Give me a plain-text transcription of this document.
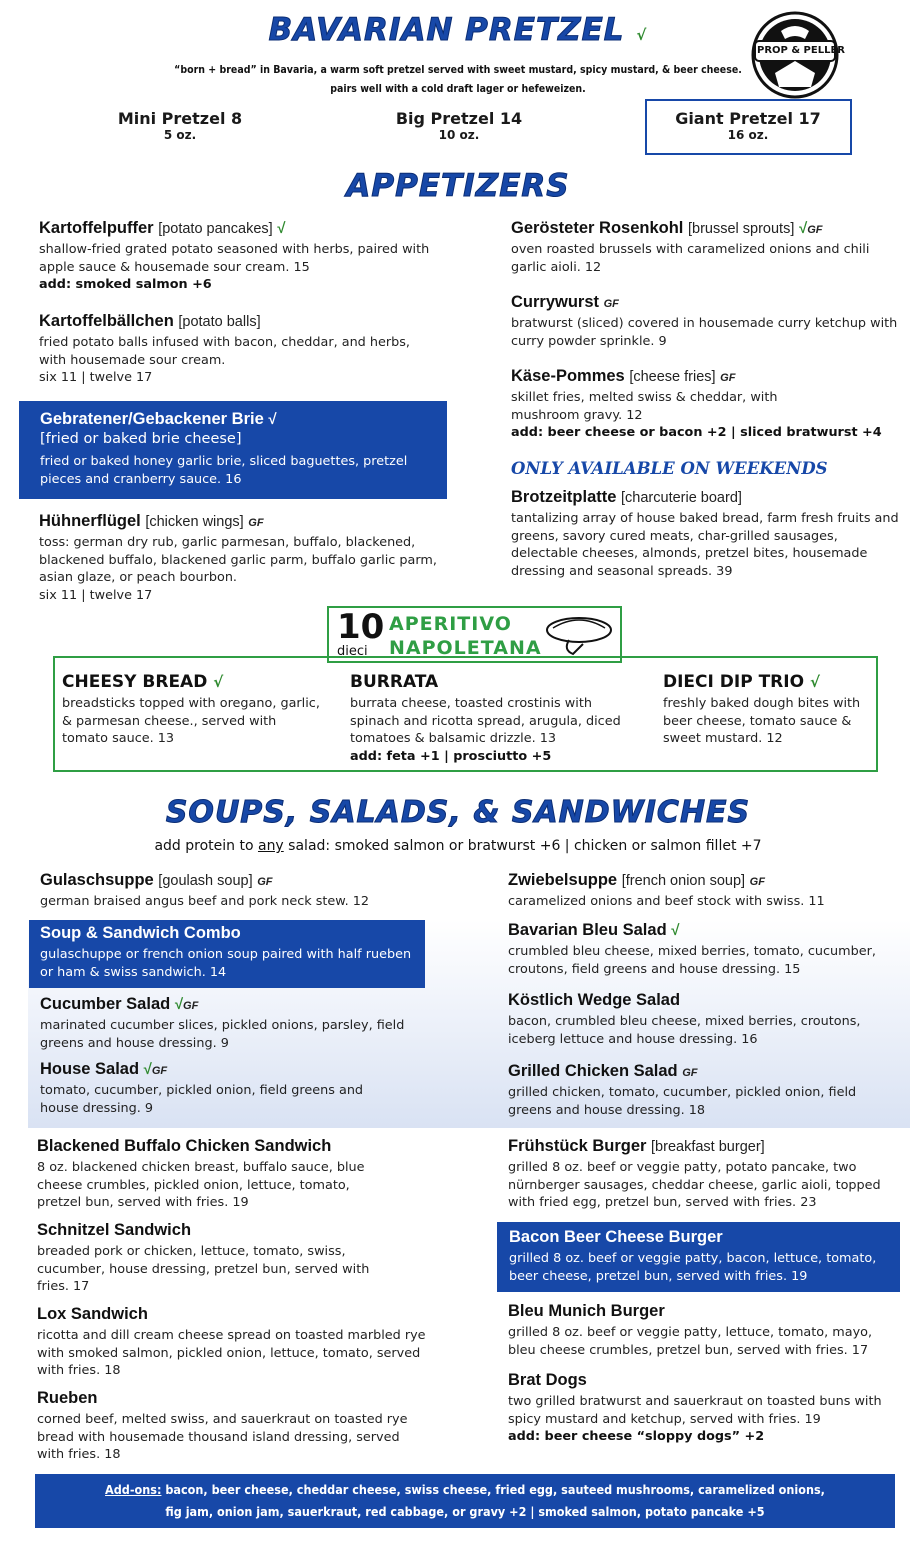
BAVARIAN PRETZEL √
PROP & PELLER
“born + bread” in Bavaria, a warm soft pretzel served with sweet mustard, spicy mustard, & beer cheese.
pairs well with a cold draft lager or hefeweizen.
Mini Pretzel 8
5 oz.
Big Pretzel 14
10 oz.
Giant Pretzel 17
16 oz.
APPETIZERS
Kartoffelpuffer [potato pancakes] √
shallow-fried grated potato seasoned with herbs, paired with apple sauce & housemade sour cream. 15
add: smoked salmon +6
Kartoffelbällchen [potato balls]
fried potato balls infused with bacon, cheddar, and herbs, with housemade sour cream.
six 11 | twelve 17
Gebratener/Gebackener Brie √
[fried or baked brie cheese]
fried or baked honey garlic brie, sliced baguettes, pretzel pieces and cranberry sauce. 16
Hühnerflügel [chicken wings] GF
toss: german dry rub, garlic parmesan, buffalo, blackened, blackened buffalo, blackened garlic parm, buffalo garlic parm, asian glaze, or peach bourbon.
six 11 | twelve 17
Gerösteter Rosenkohl [brussel sprouts] √GF
oven roasted brussels with caramelized onions and chili garlic aioli. 12
Currywurst GF
bratwurst (sliced) covered in housemade curry ketchup with curry powder sprinkle. 9
Käse-Pommes [cheese fries] GF
skillet fries, melted swiss & cheddar, with mushroom gravy. 12
add: beer cheese or bacon +2 | sliced bratwurst +4
ONLY AVAILABLE ON WEEKENDS
Brotzeitplatte [charcuterie board]
tantalizing array of house baked bread, farm fresh fruits and greens, savory cured meats, char-grilled sausages, delectable cheeses, almonds, pretzel bites, housemade dressing and seasonal spreads. 39
10
dieci
APERITIVO
NAPOLETANA
CHEESY BREAD √
breadsticks topped with oregano, garlic, & parmesan cheese., served with tomato sauce. 13
BURRATA
burrata cheese, toasted crostinis with spinach and ricotta spread, arugula, diced tomatoes & balsamic drizzle. 13
add: feta +1 | prosciutto +5
DIECI DIP TRIO √
freshly baked dough bites with beer cheese, tomato sauce & sweet mustard. 12
SOUPS, SALADS, & SANDWICHES
add protein to any salad: smoked salmon or bratwurst +6 | chicken or salmon fillet +7
Gulaschsuppe [goulash soup] GF
german braised angus beef and pork neck stew. 12
Soup & Sandwich Combo
gulaschuppe or french onion soup paired with half rueben or ham & swiss sandwich. 14
Cucumber Salad √GF
marinated cucumber slices, pickled onions, parsley, field greens and house dressing. 9
House Salad √GF
tomato, cucumber, pickled onion, field greens and house dressing. 9
Blackened Buffalo Chicken Sandwich
8 oz. blackened chicken breast, buffalo sauce, blue cheese crumbles, pickled onion, lettuce, tomato, pretzel bun, served with fries. 19
Schnitzel Sandwich
breaded pork or chicken, lettuce, tomato, swiss, cucumber, house dressing, pretzel bun, served with fries. 17
Lox Sandwich
ricotta and dill cream cheese spread on toasted marbled rye with smoked salmon, pickled onion, lettuce, tomato, served with fries. 18
Rueben
corned beef, melted swiss, and sauerkraut on toasted rye bread with housemade thousand island dressing, served with fries. 18
Zwiebelsuppe [french onion soup] GF
caramelized onions and beef stock with swiss. 11
Bavarian Bleu Salad √
crumbled bleu cheese, mixed berries, tomato, cucumber, croutons, field greens and house dressing. 15
Köstlich Wedge Salad
bacon, crumbled bleu cheese, mixed berries, croutons, iceberg lettuce and house dressing. 16
Grilled Chicken Salad GF
grilled chicken, tomato, cucumber, pickled onion, field greens and house dressing. 18
Frühstück Burger [breakfast burger]
grilled 8 oz. beef or veggie patty, potato pancake, two nürnberger sausages, cheddar cheese, garlic aioli, topped with fried egg, pretzel bun, served with fries. 23
Bacon Beer Cheese Burger
grilled 8 oz. beef or veggie patty, bacon, lettuce, tomato, beer cheese, pretzel bun, served with fries. 19
Bleu Munich Burger
grilled 8 oz. beef or veggie patty, lettuce, tomato, mayo, bleu cheese crumbles, pretzel bun, served with fries. 17
Brat Dogs
two grilled bratwurst and sauerkraut on toasted buns with spicy mustard and ketchup, served with fries. 19
add: beer cheese “sloppy dogs” +2
Add-ons: bacon, beer cheese, cheddar cheese, swiss cheese, fried egg, sauteed mushrooms, caramelized onions,
fig jam, onion jam, sauerkraut, red cabbage, or gravy +2 | smoked salmon, potato pancake +5
